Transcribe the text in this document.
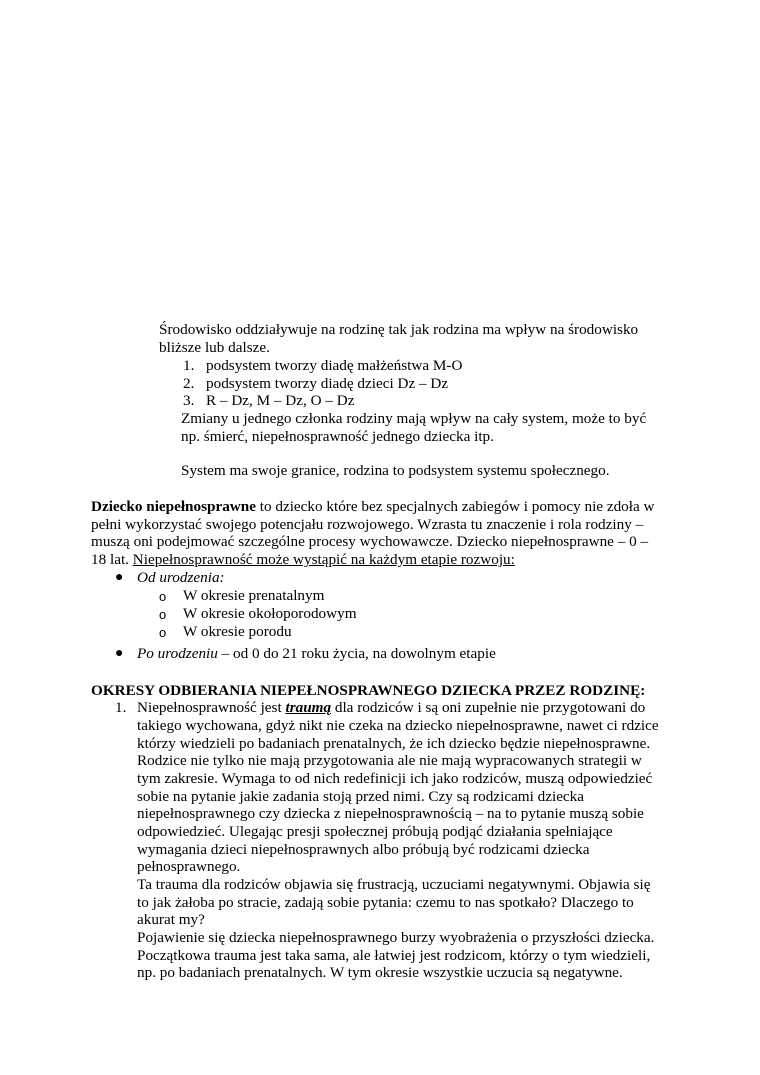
Środowisko oddziaływuje na rodzinę tak jak rodzina ma wpływ na środowisko
bliższe lub dalsze.
1. podsystem tworzy diadę małżeństwa M-O
2. podsystem tworzy diadę dzieci Dz – Dz
3. R – Dz, M – Dz, O – Dz
Zmiany u jednego członka rodziny mają wpływ na cały system, może to być
np. śmierć, niepełnosprawność jednego dziecka itp.
System ma swoje granice, rodzina to podsystem systemu społecznego.
Dziecko niepełnosprawne to dziecko które bez specjalnych zabiegów i pomocy nie zdoła w
pełni wykorzystać swojego potencjału rozwojowego. Wzrasta tu znaczenie i rola rodziny –
muszą oni podejmować szczególne procesy wychowawcze. Dziecko niepełnosprawne – 0 –
18 lat. Niepełnosprawność może wystąpić na każdym etapie rozwoju:
● Od urodzenia:
o W okresie prenatalnym
o W okresie okołoporodowym
o W okresie porodu
● Po urodzeniu – od 0 do 21 roku życia, na dowolnym etapie
OKRESY ODBIERANIA NIEPEŁNOSPRAWNEGO DZIECKA PRZEZ RODZINĘ:
1. Niepełnosprawność jest traumą dla rodziców i są oni zupełnie nie przygotowani do
takiego wychowana, gdyż nikt nie czeka na dziecko niepełnosprawne, nawet ci rdzice
którzy wiedzieli po badaniach prenatalnych, że ich dziecko będzie niepełnosprawne.
Rodzice nie tylko nie mają przygotowania ale nie mają wypracowanych strategii w
tym zakresie. Wymaga to od nich redefinicji ich jako rodziców, muszą odpowiedzieć
sobie na pytanie jakie zadania stoją przed nimi. Czy są rodzicami dziecka
niepełnosprawnego czy dziecka z niepełnosprawnością – na to pytanie muszą sobie
odpowiedzieć. Ulegając presji społecznej próbują podjąć działania spełniające
wymagania dzieci niepełnosprawnych albo próbują być rodzicami dziecka
pełnosprawnego.
Ta trauma dla rodziców objawia się frustracją, uczuciami negatywnymi. Objawia się
to jak żałoba po stracie, zadają sobie pytania: czemu to nas spotkało? Dlaczego to
akurat my?
Pojawienie się dziecka niepełnosprawnego burzy wyobrażenia o przyszłości dziecka.
Początkowa trauma jest taka sama, ale łatwiej jest rodzicom, którzy o tym wiedzieli,
np. po badaniach prenatalnych. W tym okresie wszystkie uczucia są negatywne.
